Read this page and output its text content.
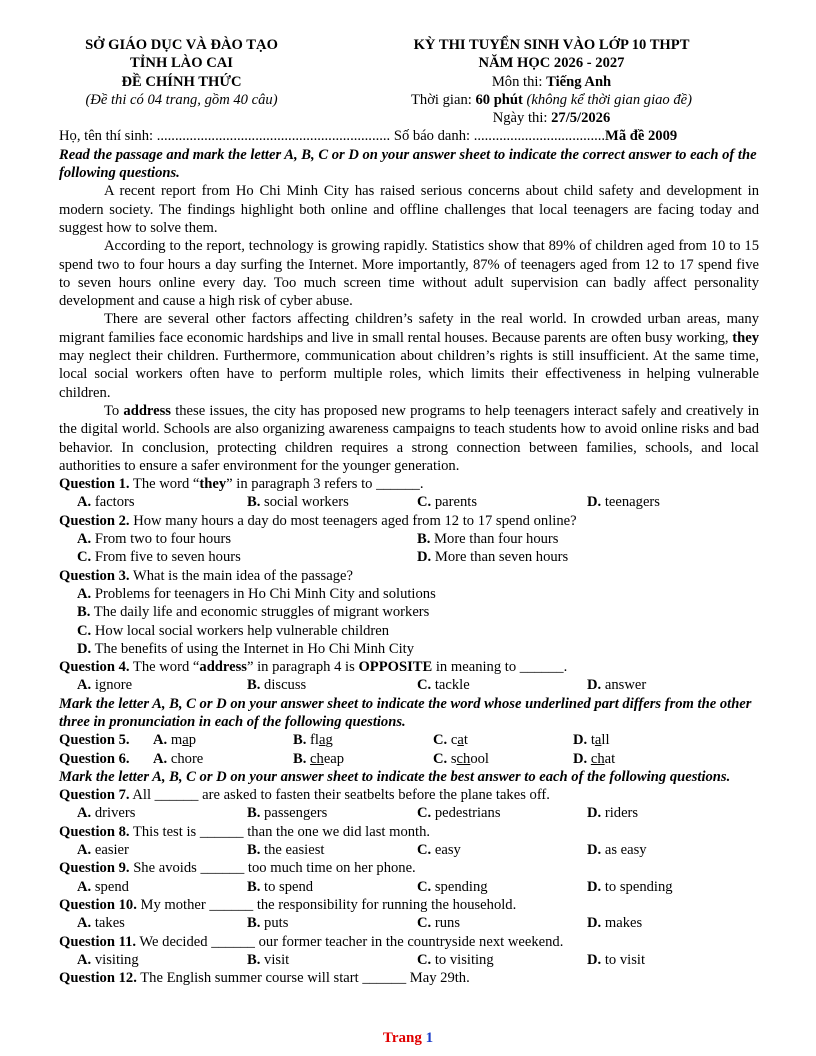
SỞ GIÁO DỤC VÀ ĐÀO TẠO
TỈNH LÀO CAI
ĐỀ CHÍNH THỨC
(Đề thi có 04 trang, gồm 40 câu)
KỲ THI TUYỂN SINH VÀO LỚP 10 THPT
NĂM HỌC 2026 - 2027
Môn thi: Tiếng Anh
Thời gian: 60 phút (không kể thời gian giao đề)
Ngày thi: 27/5/2026
Họ, tên thí sinh: ................................................................ Số báo danh: ....................................Mã đề 2009
Read the passage and mark the letter A, B, C or D on your answer sheet to indicate the correct answer to each of the following questions.
A recent report from Ho Chi Minh City has raised serious concerns about child safety and development in modern society. The findings highlight both online and offline challenges that local teenagers are facing today and suggest how to solve them.
According to the report, technology is growing rapidly. Statistics show that 89% of children aged from 10 to 15 spend two to four hours a day surfing the Internet. More importantly, 87% of teenagers aged from 12 to 17 spend five to seven hours online every day. Too much screen time without adult supervision can badly affect personality development and cause a high risk of cyber abuse.
There are several other factors affecting children’s safety in the real world. In crowded urban areas, many migrant families face economic hardships and live in small rental houses. Because parents are often busy working, they may neglect their children. Furthermore, communication about children’s rights is still insufficient. At the same time, local social workers often have to perform multiple roles, which limits their effectiveness in helping vulnerable children.
To address these issues, the city has proposed new programs to help teenagers interact safely and creatively in the digital world. Schools are also organizing awareness campaigns to teach students how to avoid online risks and bad behavior. In conclusion, protecting children requires a strong connection between families, schools, and local authorities to ensure a safer environment for the younger generation.
Question 1. The word “they” in paragraph 3 refers to ______.
A. factors	B. social workers	C. parents	D. teenagers
Question 2. How many hours a day do most teenagers aged from 12 to 17 spend online?
A. From two to four hours	B. More than four hours
C. From five to seven hours	D. More than seven hours
Question 3. What is the main idea of the passage?
A. Problems for teenagers in Ho Chi Minh City and solutions
B. The daily life and economic struggles of migrant workers
C. How local social workers help vulnerable children
D. The benefits of using the Internet in Ho Chi Minh City
Question 4. The word “address” in paragraph 4 is OPPOSITE in meaning to ______.
A. ignore	B. discuss	C. tackle	D. answer
Mark the letter A, B, C or D on your answer sheet to indicate the word whose underlined part differs from the other three in pronunciation in each of the following questions.
Question 5.	A. map	B. flag	C. cat	D. tall
Question 6.	A. chore	B. cheap	C. school	D. chat
Mark the letter A, B, C or D on your answer sheet to indicate the best answer to each of the following questions.
Question 7. All ______ are asked to fasten their seatbelts before the plane takes off.
A. drivers	B. passengers	C. pedestrians	D. riders
Question 8. This test is ______ than the one we did last month.
A. easier	B. the easiest	C. easy	D. as easy
Question 9. She avoids ______ too much time on her phone.
A. spend	B. to spend	C. spending	D. to spending
Question 10. My mother ______ the responsibility for running the household.
A. takes	B. puts	C. runs	D. makes
Question 11. We decided ______ our former teacher in the countryside next weekend.
A. visiting	B. visit	C. to visiting	D. to visit
Question 12. The English summer course will start ______ May 29th.
Trang 1
